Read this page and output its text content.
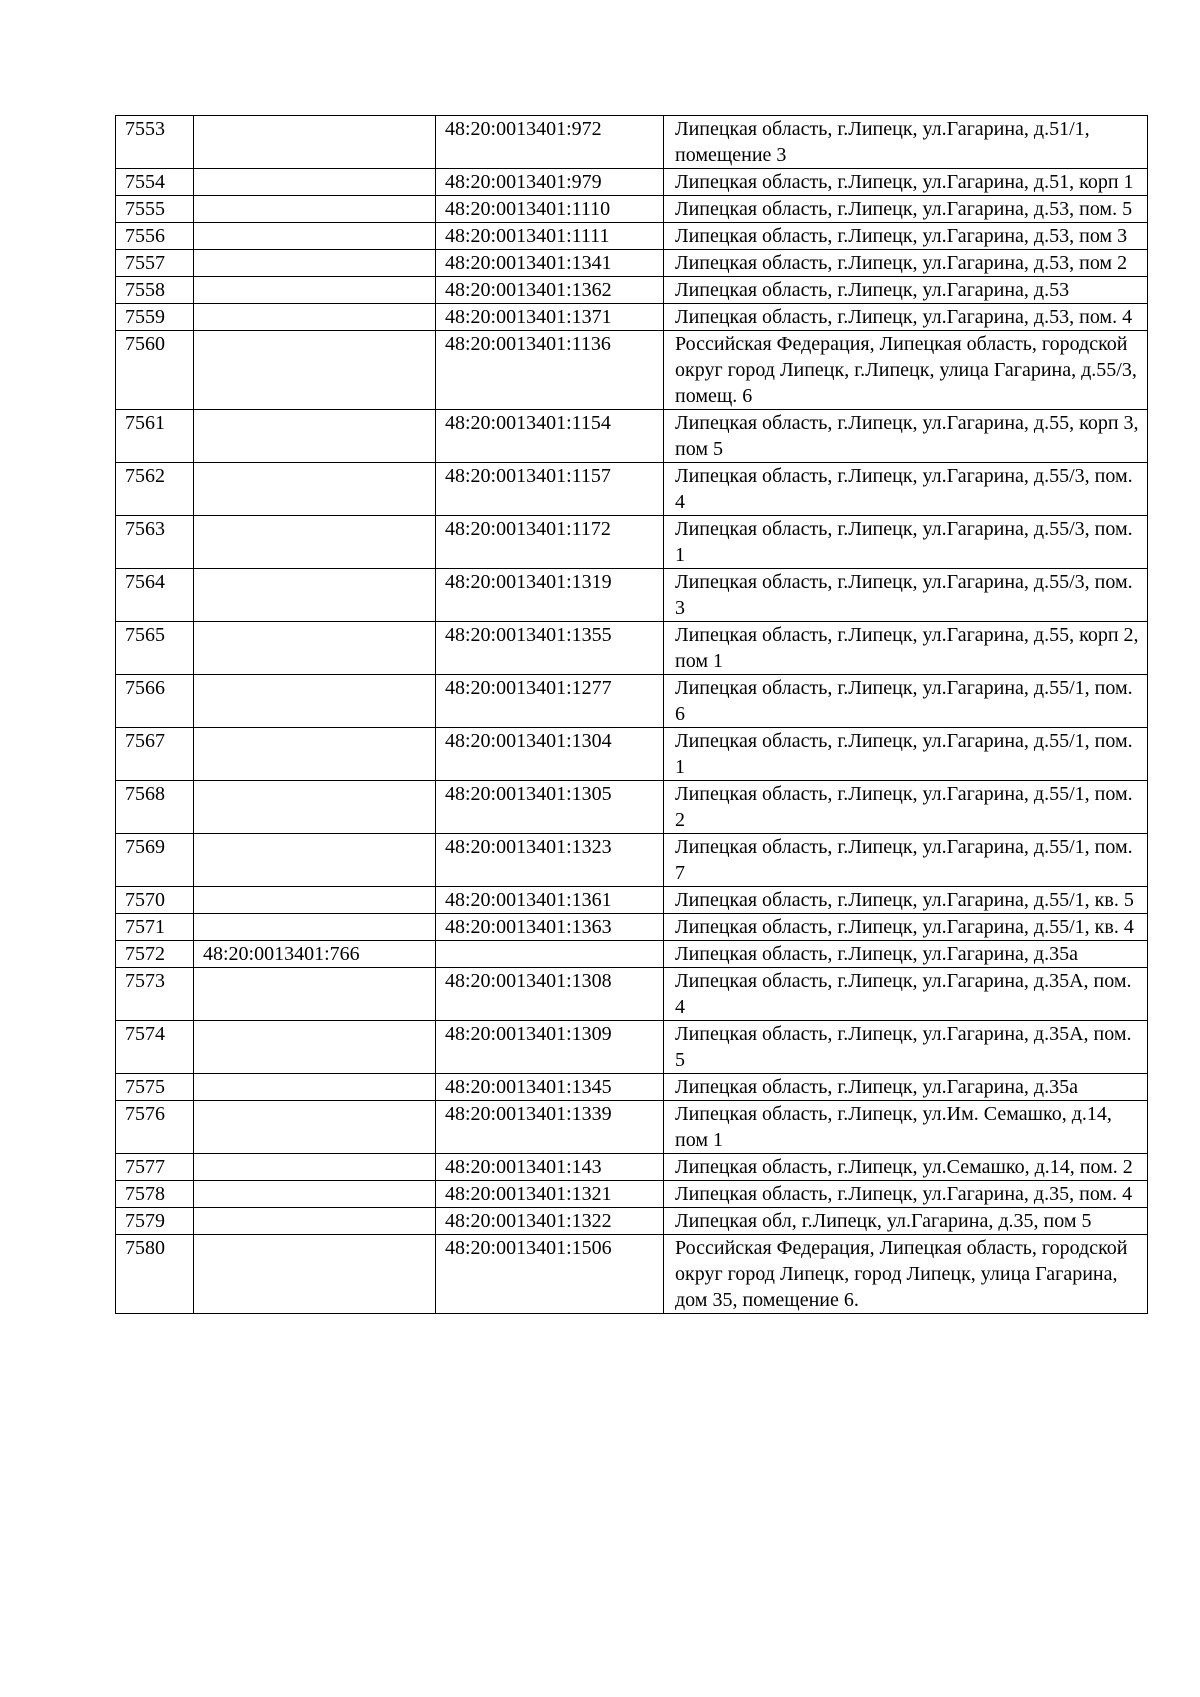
7553		48:20:0013401:972	Липецкая область, г.Липецк, ул.Гагарина, д.51/1, помещение 3
7554		48:20:0013401:979	Липецкая область, г.Липецк, ул.Гагарина, д.51, корп 1
7555		48:20:0013401:1110	Липецкая область, г.Липецк, ул.Гагарина, д.53, пом. 5
7556		48:20:0013401:1111	Липецкая область, г.Липецк, ул.Гагарина, д.53, пом 3
7557		48:20:0013401:1341	Липецкая область, г.Липецк, ул.Гагарина, д.53, пом 2
7558		48:20:0013401:1362	Липецкая область, г.Липецк, ул.Гагарина, д.53
7559		48:20:0013401:1371	Липецкая область, г.Липецк, ул.Гагарина, д.53, пом. 4
7560		48:20:0013401:1136	Российская Федерация, Липецкая область, городской округ город Липецк, г.Липецк, улица Гагарина, д.55/3, помещ. 6
7561		48:20:0013401:1154	Липецкая область, г.Липецк, ул.Гагарина, д.55, корп 3, пом 5
7562		48:20:0013401:1157	Липецкая область, г.Липецк, ул.Гагарина, д.55/3, пом. 4
7563		48:20:0013401:1172	Липецкая область, г.Липецк, ул.Гагарина, д.55/3, пом. 1
7564		48:20:0013401:1319	Липецкая область, г.Липецк, ул.Гагарина, д.55/3, пом. 3
7565		48:20:0013401:1355	Липецкая область, г.Липецк, ул.Гагарина, д.55, корп 2, пом 1
7566		48:20:0013401:1277	Липецкая область, г.Липецк, ул.Гагарина, д.55/1, пом. 6
7567		48:20:0013401:1304	Липецкая область, г.Липецк, ул.Гагарина, д.55/1, пом. 1
7568		48:20:0013401:1305	Липецкая область, г.Липецк, ул.Гагарина, д.55/1, пом. 2
7569		48:20:0013401:1323	Липецкая область, г.Липецк, ул.Гагарина, д.55/1, пом. 7
7570		48:20:0013401:1361	Липецкая область, г.Липецк, ул.Гагарина, д.55/1, кв. 5
7571		48:20:0013401:1363	Липецкая область, г.Липецк, ул.Гагарина, д.55/1, кв. 4
7572	48:20:0013401:766		Липецкая область, г.Липецк, ул.Гагарина, д.35а
7573		48:20:0013401:1308	Липецкая область, г.Липецк, ул.Гагарина, д.35А, пом. 4
7574		48:20:0013401:1309	Липецкая область, г.Липецк, ул.Гагарина, д.35А, пом. 5
7575		48:20:0013401:1345	Липецкая область, г.Липецк, ул.Гагарина, д.35а
7576		48:20:0013401:1339	Липецкая область, г.Липецк, ул.Им. Семашко, д.14, пом 1
7577		48:20:0013401:143	Липецкая область, г.Липецк, ул.Семашко, д.14, пом. 2
7578		48:20:0013401:1321	Липецкая область, г.Липецк, ул.Гагарина, д.35, пом. 4
7579		48:20:0013401:1322	Липецкая обл, г.Липецк, ул.Гагарина, д.35, пом 5
7580		48:20:0013401:1506	Российская Федерация, Липецкая область, городской округ город Липецк, город Липецк, улица Гагарина, дом 35, помещение 6.
